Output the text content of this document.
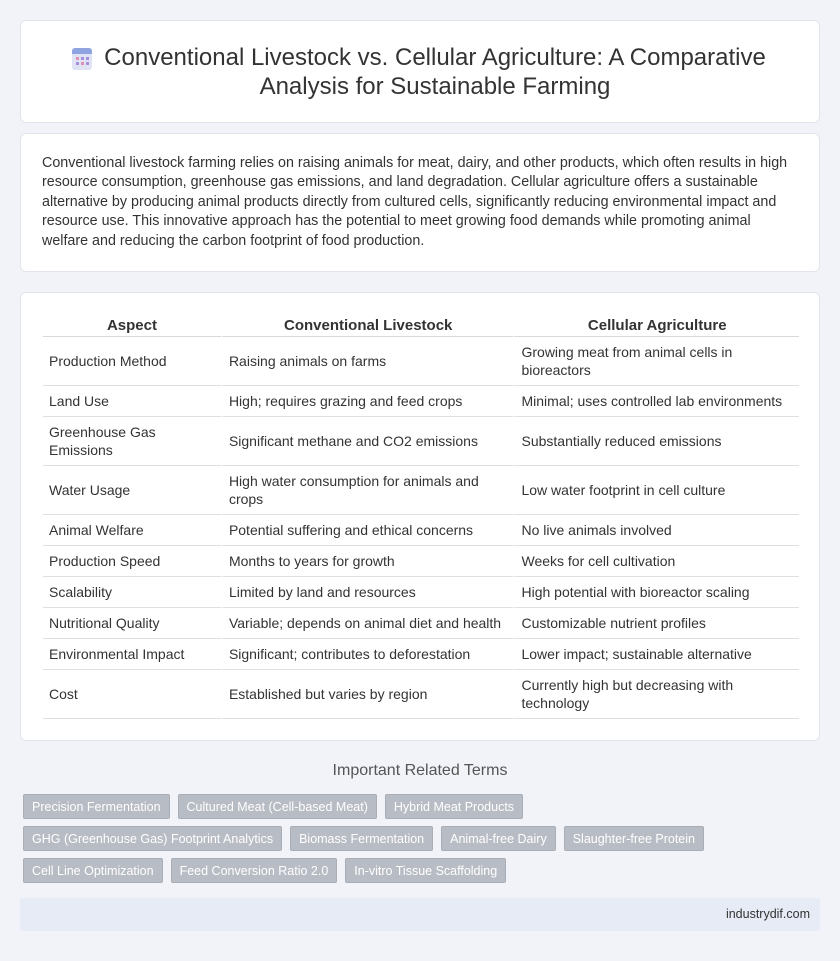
Conventional Livestock vs. Cellular Agriculture: A Comparative Analysis for Sustainable Farming

Conventional livestock farming relies on raising animals for meat, dairy, and other products, which often results in high resource consumption, greenhouse gas emissions, and land degradation. Cellular agriculture offers a sustainable alternative by producing animal products directly from cultured cells, significantly reducing environmental impact and resource use. This innovative approach has the potential to meet growing food demands while promoting animal welfare and reducing the carbon footprint of food production.

Aspect	Conventional Livestock	Cellular Agriculture
Production Method	Raising animals on farms	Growing meat from animal cells in bioreactors
Land Use	High; requires grazing and feed crops	Minimal; uses controlled lab environments
Greenhouse Gas Emissions	Significant methane and CO2 emissions	Substantially reduced emissions
Water Usage	High water consumption for animals and crops	Low water footprint in cell culture
Animal Welfare	Potential suffering and ethical concerns	No live animals involved
Production Speed	Months to years for growth	Weeks for cell cultivation
Scalability	Limited by land and resources	High potential with bioreactor scaling
Nutritional Quality	Variable; depends on animal diet and health	Customizable nutrient profiles
Environmental Impact	Significant; contributes to deforestation	Lower impact; sustainable alternative
Cost	Established but varies by region	Currently high but decreasing with technology
Important Related Terms
Precision Fermentation	Cultured Meat (Cell-based Meat)	Hybrid Meat Products
GHG (Greenhouse Gas) Footprint Analytics	Biomass Fermentation	Animal-free Dairy	Slaughter-free Protein
Cell Line Optimization	Feed Conversion Ratio 2.0	In-vitro Tissue Scaffolding
industrydif.com
